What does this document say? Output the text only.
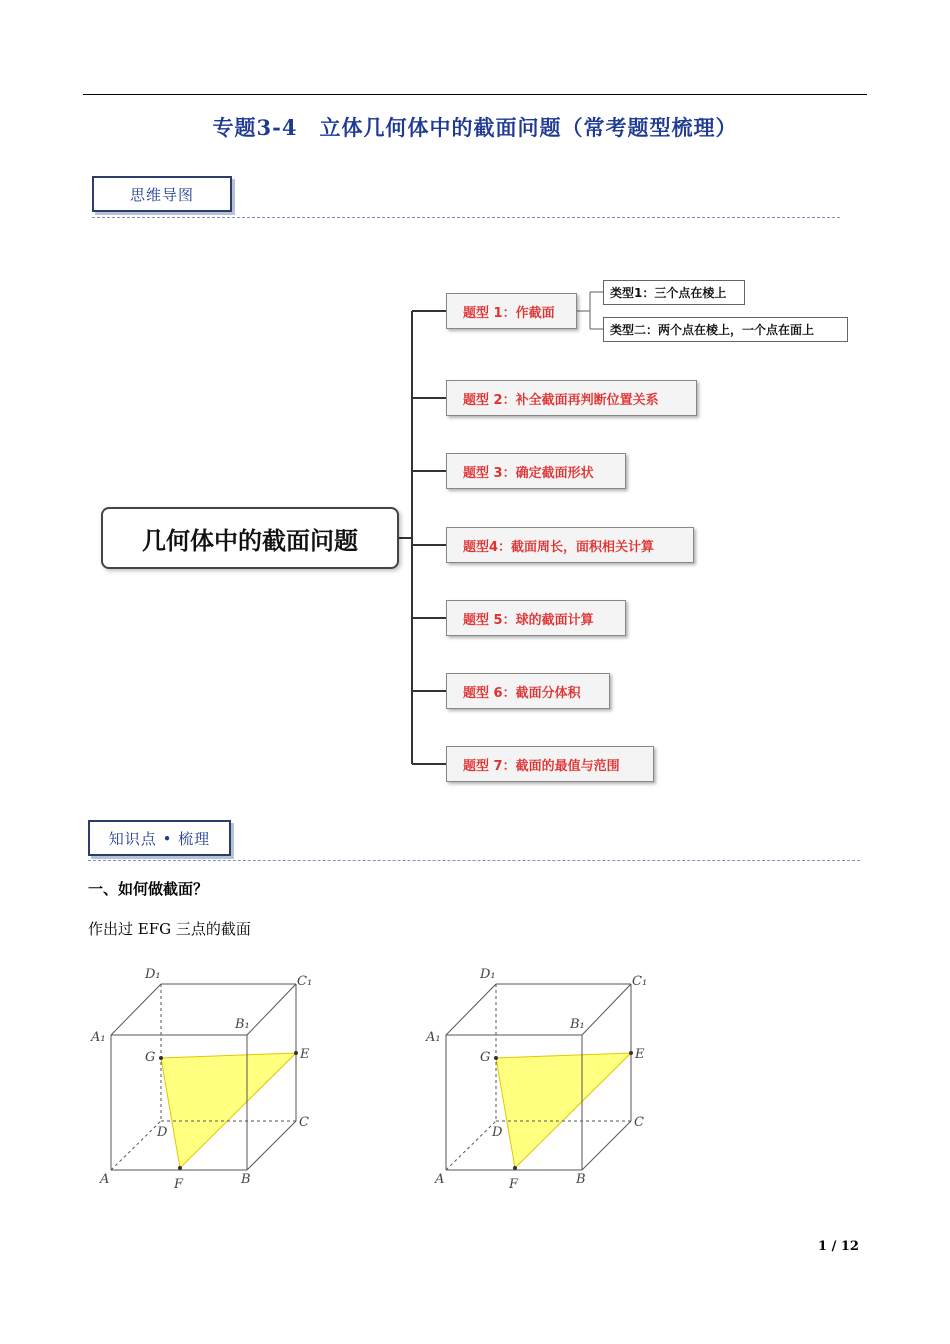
专题3-4　立体几何体中的截面问题（常考题型梳理）
思维导图
几何体中的截面问题
题型 1：作截面
题型 2：补全截面再判断位置关系
题型 3：确定截面形状
题型4：截面周长，面积相关计算
题型 5：球的截面计算
题型 6：截面分体积
题型 7：截面的最值与范围
类型1：三个点在棱上
类型二：两个点在棱上，一个点在面上
知识点 • 梳理
一、如何做截面？
作出过 EFG 三点的截面
D₁	C₁
A₁
B₁
G	E
D
C
A	F	B
D₁	C₁
A₁
B₁
G	E
D
C
A	F	B
1 / 12
